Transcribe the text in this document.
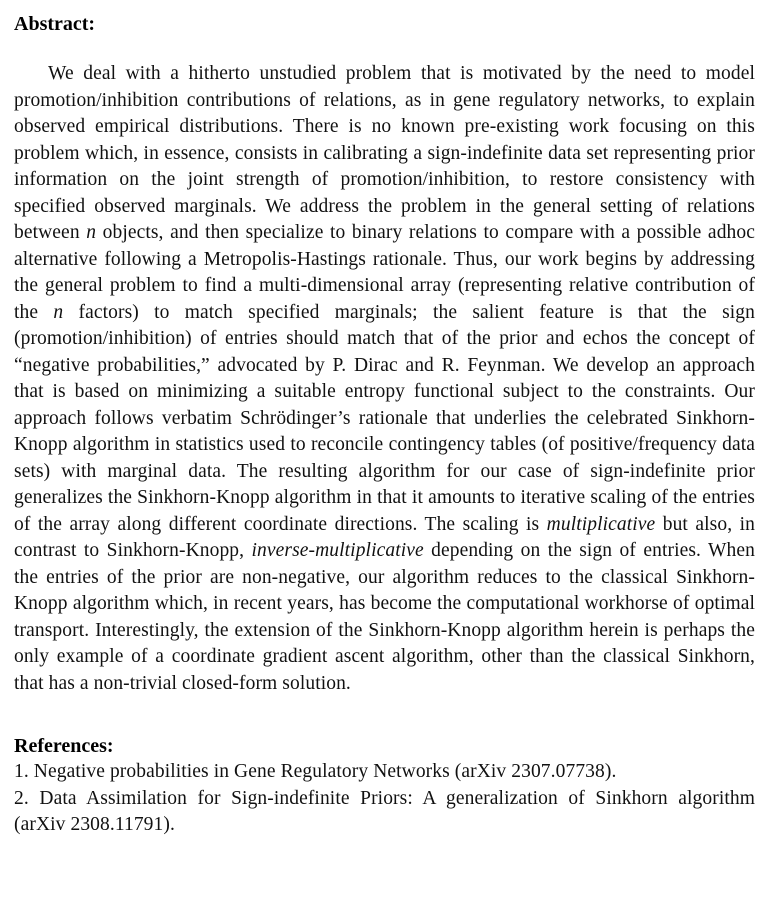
Abstract:

We deal with a hitherto unstudied problem that is motivated by the need to model promotion/inhibition contributions of relations, as in gene regulatory networks, to explain observed empirical distributions. There is no known pre-existing work focusing on this problem which, in essence, consists in calibrating a sign-indefinite data set representing prior information on the joint strength of promotion/inhibition, to restore consistency with specified observed marginals. We address the problem in the general setting of relations between n objects, and then specialize to binary relations to compare with a possible adhoc alternative following a Metropolis-Hastings rationale. Thus, our work begins by addressing the general problem to find a multi-dimensional array (representing relative contribution of the n factors) to match specified marginals; the salient feature is that the sign (promotion/inhibition) of entries should match that of the prior and echos the concept of “negative probabilities,” advocated by P. Dirac and R. Feynman. We develop an approach that is based on minimizing a suitable entropy functional subject to the constraints. Our approach follows verbatim Schrödinger’s rationale that underlies the celebrated Sinkhorn-Knopp algorithm in statistics used to reconcile contingency tables (of positive/frequency data sets) with marginal data. The resulting algorithm for our case of sign-indefinite prior generalizes the Sinkhorn-Knopp algorithm in that it amounts to iterative scaling of the entries of the array along different coordinate directions. The scaling is multiplicative but also, in contrast to Sinkhorn-Knopp, inverse-multiplicative depending on the sign of entries. When the entries of the prior are non-negative, our algorithm reduces to the classical Sinkhorn-Knopp algorithm which, in recent years, has become the computational workhorse of optimal transport. Interestingly, the extension of the Sinkhorn-Knopp algorithm herein is perhaps the only example of a coordinate gradient ascent algorithm, other than the classical Sinkhorn, that has a non-trivial closed-form solution.

References:

1. Negative probabilities in Gene Regulatory Networks (arXiv 2307.07738).

2. Data Assimilation for Sign-indefinite Priors: A generalization of Sinkhorn algorithm (arXiv 2308.11791).
